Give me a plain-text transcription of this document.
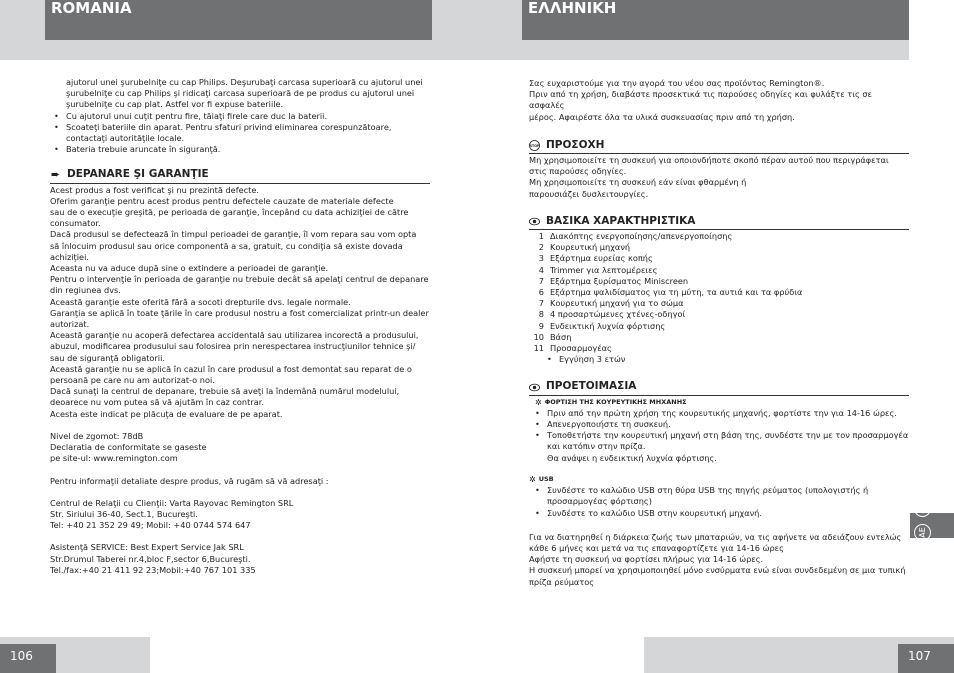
ROMANIA	ΕΛΛΗΝΙΚΗ

ajutorul unei şurubelniţe cu cap Philips. Deşurubaţi carcasa superioară cu ajutorul unei
şurubelniţe cu cap Philips şi ridicaţi carcasa superioară de pe produs cu ajutorul unei
şurubelniţe cu cap plat. Astfel vor fi expuse bateriile.

• Cu ajutorul unui cuţit pentru fire, tăiaţi firele care duc la baterii.
• Scoateţi bateriile din aparat. Pentru sfaturi privind eliminarea corespunzătoare,
contactaţi autorităţile locale.
• Bateria trebuie aruncate în siguranţă.
➨ DEPANARE ŞI GARANŢIE

Acest produs a fost verificat şi nu prezintă defecte.
Oferim garanţie pentru acest produs pentru defectele cauzate de materiale defecte
sau de o execuţie greşită, pe perioada de garanţie, începând cu data achiziţiei de către
consumator.
Dacă produsul se defectează în timpul perioadei de garanţie, îl vom repara sau vom opta
să înlocuim produsul sau orice componentă a sa, gratuit, cu condiţia să existe dovada
achiziţiei.
Aceasta nu va aduce după sine o extindere a perioadei de garanţie.
Pentru o intervenţie în perioada de garanţie nu trebuie decât să apelaţi centrul de depanare
din regiunea dvs.
Această garanţie este oferită fără a socoti drepturile dvs. legale normale.
Garanţia se aplică în toate ţările în care produsul nostru a fost comercializat printr-un dealer
autorizat.
Această garanţie nu acoperă defectarea accidentală sau utilizarea incorectă a produsului,
abuzul, modificarea produsului sau folosirea prin nerespectarea instrucţiunilor tehnice şi/
sau de siguranţă obligatorii.
Această garanţie nu se aplică în cazul în care produsul a fost demontat sau reparat de o
persoană pe care nu am autorizat-o noi.
Dacă sunaţi la centrul de depanare, trebuie să aveţi la îndemână numărul modelului,
deoarece nu vom putea să vă ajutăm în caz contrar.
Acesta este indicat pe plăcuţa de evaluare de pe aparat.

Nivel de zgomot: 78dB
Declaratia de conformitate se gaseste
pe site-ul: www.remington.com

Pentru informaţii detaliate despre produs, vă rugăm să vă adresaţi :

Centrul de Relaţii cu Clienţii: Varta Rayovac Remington SRL
Str. Siriului 36-40, Sect.1, Bucureşti.
Tel: +40 21 352 29 49; Mobil: +40 0744 574 647

Asistenţă SERVICE: Best Expert Service Jak SRL
Str.Drumul Taberei nr.4,bloc F,sector 6,Bucureşti.
Tel./fax:+40 21 411 92 23;Mobil:+40 767 101 335

Σας ευχαριστούμε για την αγορά του νέου σας προϊόντος Remington®.
Πριν από τη χρήση, διαβάστε προσεκτικά τις παρούσες οδηγίες και φυλάξτε τις σε ασφαλές
μέρος. Αφαιρέστε όλα τα υλικά συσκευασίας πριν από τη χρήση.

STOP ΠΡΟΣΟΧΗ

Μη χρησιμοποιείτε τη συσκευή για οποιονδήποτε σκοπό πέραν αυτού που περιγράφεται
στις παρούσες οδηγίες.
Μη χρησιμοποιείτε τη συσκευή εάν είναι φθαρμένη ή
παρουσιάζει δυσλειτουργίες.

ΒΑΣΙΚΑ ΧΑΡΑΚΤΗΡΙΣΤΙΚΑ
1 Διακόπτης ενεργοποίησης/απενεργοποίησης
2 Κουρευτική μηχανή
3 Εξάρτημα ευρείας κοπής
4 Trimmer για λεπτομέρειες
7 Εξάρτημα ξυρίσματος Miniscreen
6 Εξάρτημα ψαλιδίσματος για τη μύτη, τα αυτιά και τα φρύδια
7 Κουρευτική μηχανή για το σώμα
8 4 προσαρτώμενες χτένες-οδηγοί
9 Ενδεικτική λυχνία φόρτισης
10 Βάση
11 Προσαρμογέας
• Εγγύηση 3 ετών
ΠΡΟΕΤΟΙΜΑΣΙΑ
✲ ΦΟΡΤΙΣΗ ΤΗΣ ΚΟΥΡΕΥΤΙΚΗΣ ΜΗΧΑΝΗΣ
• Πριν από την πρώτη χρήση της κουρευτικής μηχανής, φορτίστε την για 14-16 ώρες.
• Απενεργοποιήστε τη συσκευή.
• Τοποθετήστε την κουρευτική μηχανή στη βάση της, συνδέστε την με τον προσαρμογέα
και κατόπιν στην πρίζα.
Θα ανάψει η ενδεικτική λυχνία φόρτισης.
✲ USB
• Συνδέστε το καλώδιο USB στη θύρα USB της πηγής ρεύματος (υπολογιστής ή
προσαρμογέας φόρτισης)
• Συνδέστε το καλώδιο USB στην κουρευτική μηχανή.

Για να διατηρηθεί η διάρκεια ζωής των μπαταριών, να τις αφήνετε να αδειάζουν εντελώς
κάθε 6 μήνες και μετά να τις επαναφορτίζετε για 14-16 ώρες
Αφήστε τη συσκευή να φορτίσει πλήρως για 14-16 ώρες.
Η συσκευή μπορεί να χρησιμοποιηθεί μόνο ενσύρματα ενώ είναι συνδεδεμένη σε μια τυπική
πρίζα ρεύματος

GB
D
NL
F
E
I
DK
S
FIN
P
SK
CZ
PL
H
RU
TR
RO
GR
SL
عربي
AE
106	107
